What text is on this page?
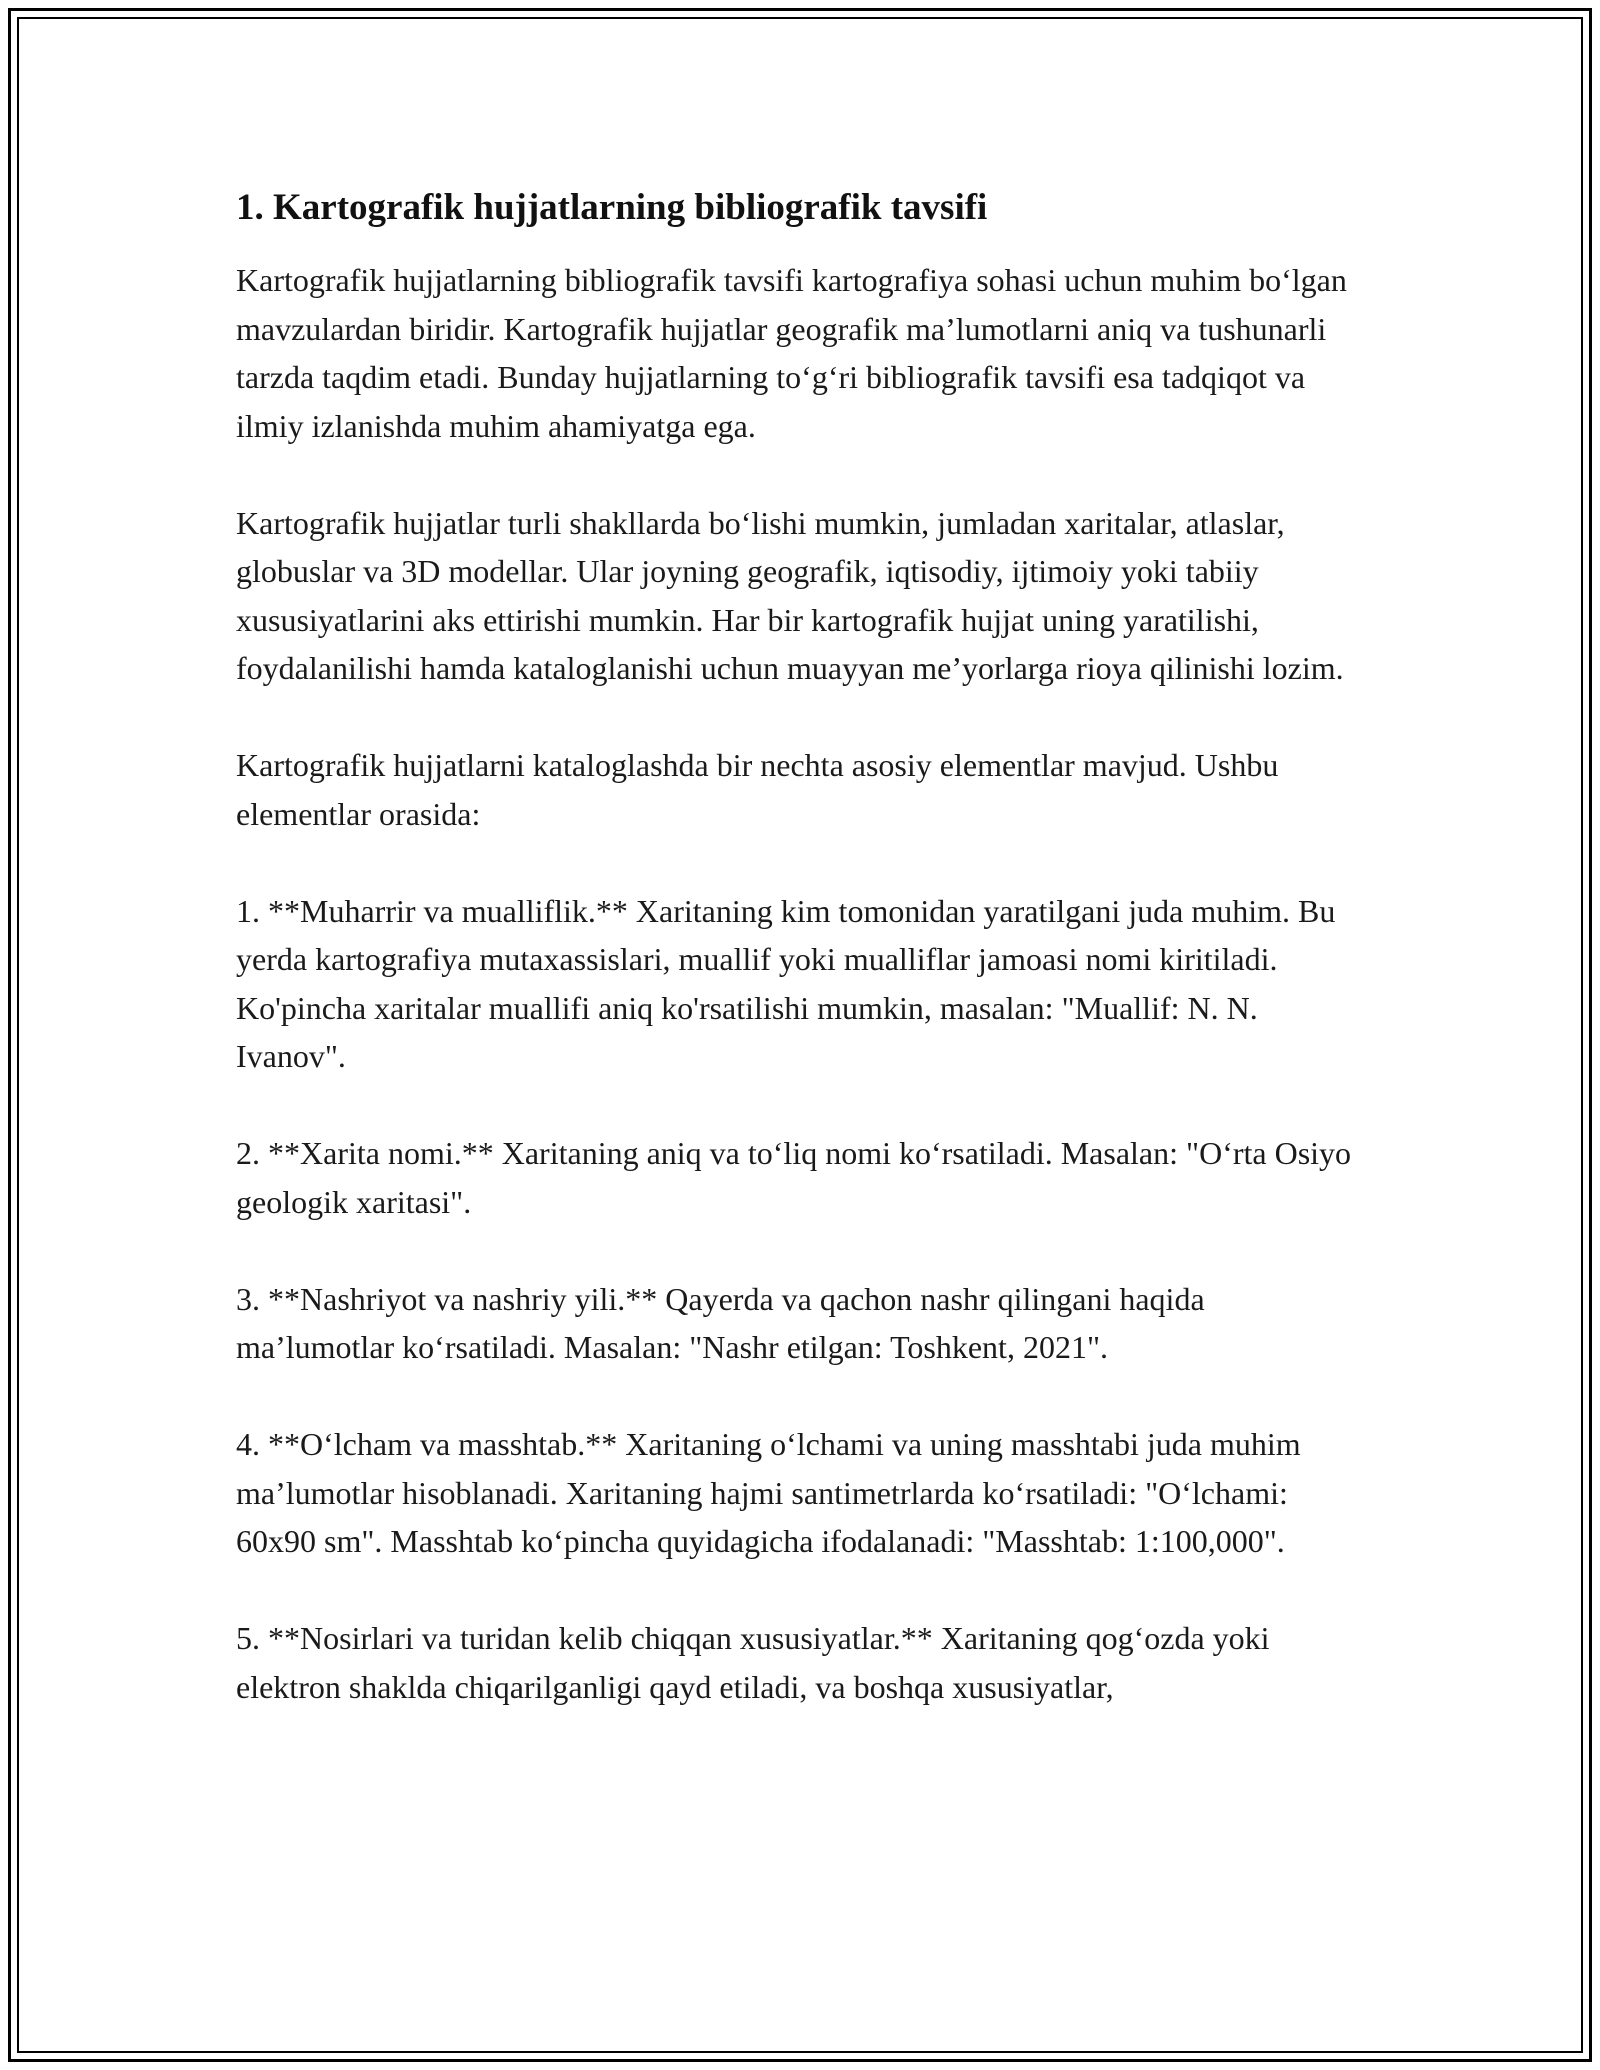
1. Kartografik hujjatlarning bibliografik tavsifi

Kartografik hujjatlarning bibliografik tavsifi kartografiya sohasi uchun muhim boʻlgan mavzulardan biridir. Kartografik hujjatlar geografik maʼlumotlarni aniq va tushunarli tarzda taqdim etadi. Bunday hujjatlarning toʻgʻri bibliografik tavsifi esa tadqiqot va ilmiy izlanishda muhim ahamiyatga ega.

Kartografik hujjatlar turli shakllarda boʻlishi mumkin, jumladan xaritalar, atlaslar, globuslar va 3D modellar. Ular joyning geografik, iqtisodiy, ijtimoiy yoki tabiiy xususiyatlarini aks ettirishi mumkin. Har bir kartografik hujjat uning yaratilishi, foydalanilishi hamda kataloglanishi uchun muayyan meʼyorlarga rioya qilinishi lozim.

Kartografik hujjatlarni kataloglashda bir nechta asosiy elementlar mavjud. Ushbu elementlar orasida:

1. **Muharrir va mualliflik.** Xaritaning kim tomonidan yaratilgani juda muhim. Bu yerda kartografiya mutaxassislari, muallif yoki mualliflar jamoasi nomi kiritiladi. Ko'pincha xaritalar muallifi aniq ko'rsatilishi mumkin, masalan: "Muallif: N. N. Ivanov".

2. **Xarita nomi.** Xaritaning aniq va toʻliq nomi koʻrsatiladi. Masalan: "Oʻrta Osiyo geologik xaritasi".

3. **Nashriyot va nashriy yili.** Qayerda va qachon nashr qilingani haqida maʼlumotlar koʻrsatiladi. Masalan: "Nashr etilgan: Toshkent, 2021".

4. **Oʻlcham va masshtab.** Xaritaning oʻlchami va uning masshtabi juda muhim maʼlumotlar hisoblanadi. Xaritaning hajmi santimetrlarda koʻrsatiladi: "Oʻlchami: 60x90 sm". Masshtab koʻpincha quyidagicha ifodalanadi: "Masshtab: 1:100,000".

5. **Nosirlari va turidan kelib chiqqan xususiyatlar.** Xaritaning qogʻozda yoki elektron shaklda chiqarilganligi qayd etiladi, va boshqa xususiyatlar,
